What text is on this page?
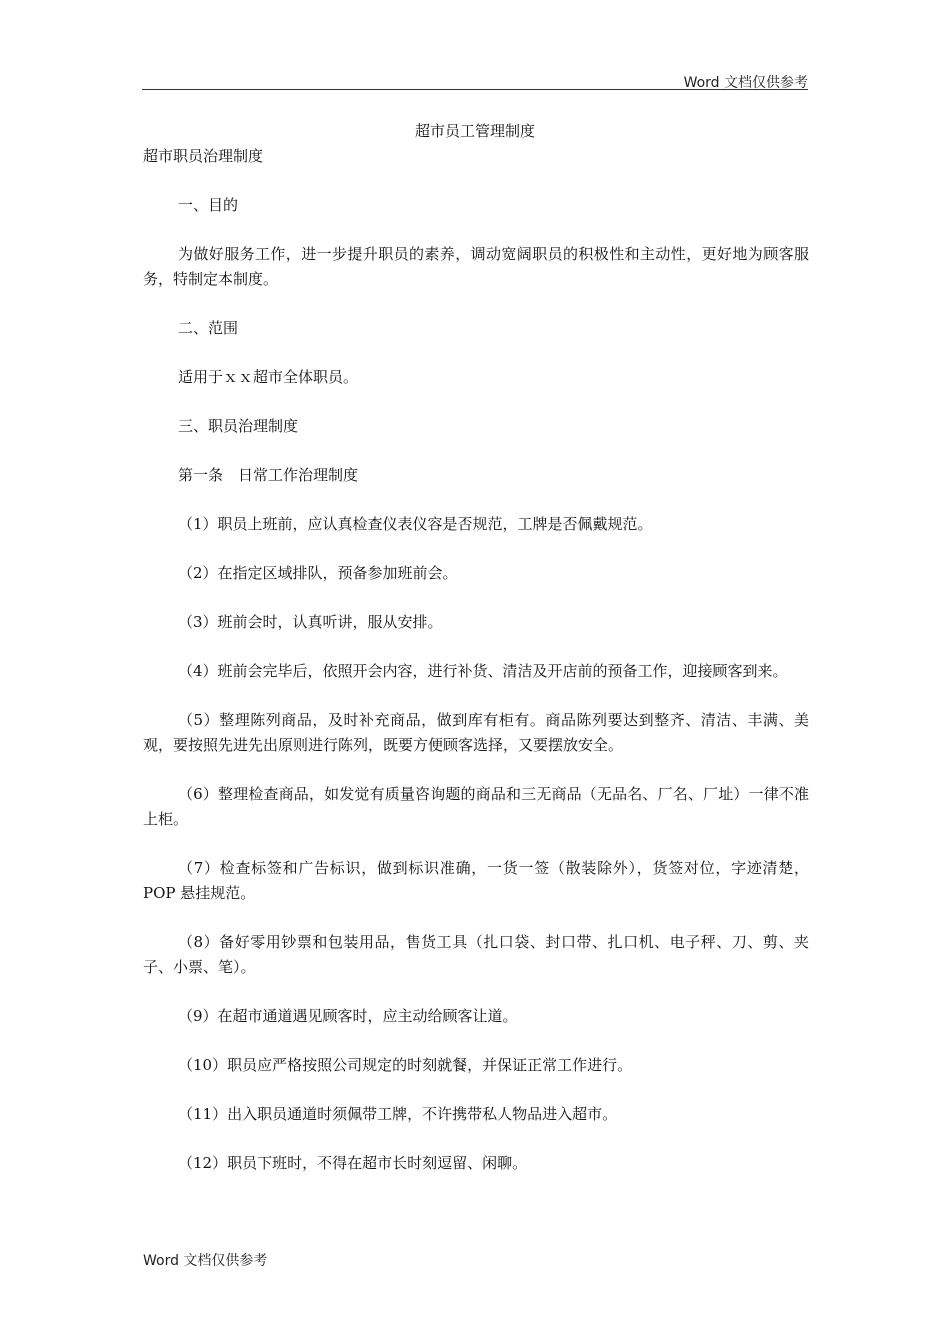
Word 文档仅供参考
超市员工管理制度
超市职员治理制度

一、目的

为做好服务工作，进一步提升职员的素养，调动宽阔职员的积极性和主动性，更好地为顾客服务，特制定本制度。

二、范围

适用于ｘｘ超市全体职员。

三、职员治理制度

第一条　日常工作治理制度

（1）职员上班前，应认真检查仪表仪容是否规范，工牌是否佩戴规范。

（2）在指定区域排队，预备参加班前会。

（3）班前会时，认真听讲，服从安排。

（4）班前会完毕后，依照开会内容，进行补货、清洁及开店前的预备工作，迎接顾客到来。

（5）整理陈列商品，及时补充商品，做到库有柜有。商品陈列要达到整齐、清洁、丰满、美观，要按照先进先出原则进行陈列，既要方便顾客选择，又要摆放安全。

（6）整理检查商品，如发觉有质量咨询题的商品和三无商品（无品名、厂名、厂址）一律不准上柜。

（7）检查标签和广告标识，做到标识准确，一货一签（散装除外），货签对位，字迹清楚，POP 悬挂规范。

（8）备好零用钞票和包装用品，售货工具（扎口袋、封口带、扎口机、电子秤、刀、剪、夹子、小票、笔）。

（9）在超市通道遇见顾客时，应主动给顾客让道。

（10）职员应严格按照公司规定的时刻就餐，并保证正常工作进行。

（11）出入职员通道时须佩带工牌，不许携带私人物品进入超市。

（12）职员下班时，不得在超市长时刻逗留、闲聊。

Word 文档仅供参考
